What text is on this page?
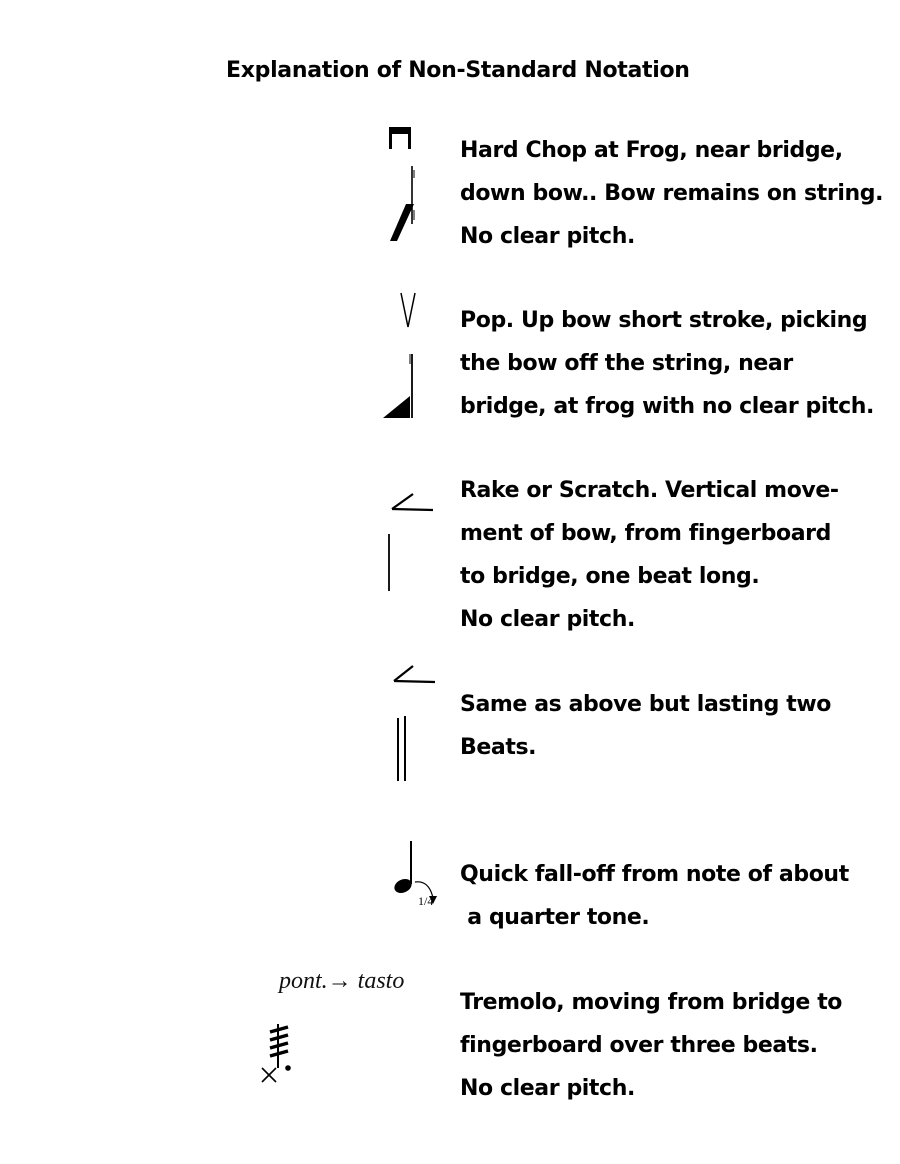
Explanation of Non-Standard Notation
Hard Chop at Frog, near bridge,
down bow.. Bow remains on string.
No clear pitch.
Pop. Up bow short stroke, picking
the bow off the string, near
bridge, at frog with no clear pitch.
Rake or Scratch. Vertical move-
ment of bow, from fingerboard
to bridge, one beat long.
No clear pitch.
Same as above but lasting two
Beats.
1/4
Quick fall-off from note of about
a quarter tone.
pont.→ tasto
Tremolo, moving from bridge to
fingerboard over three beats.
No clear pitch.
